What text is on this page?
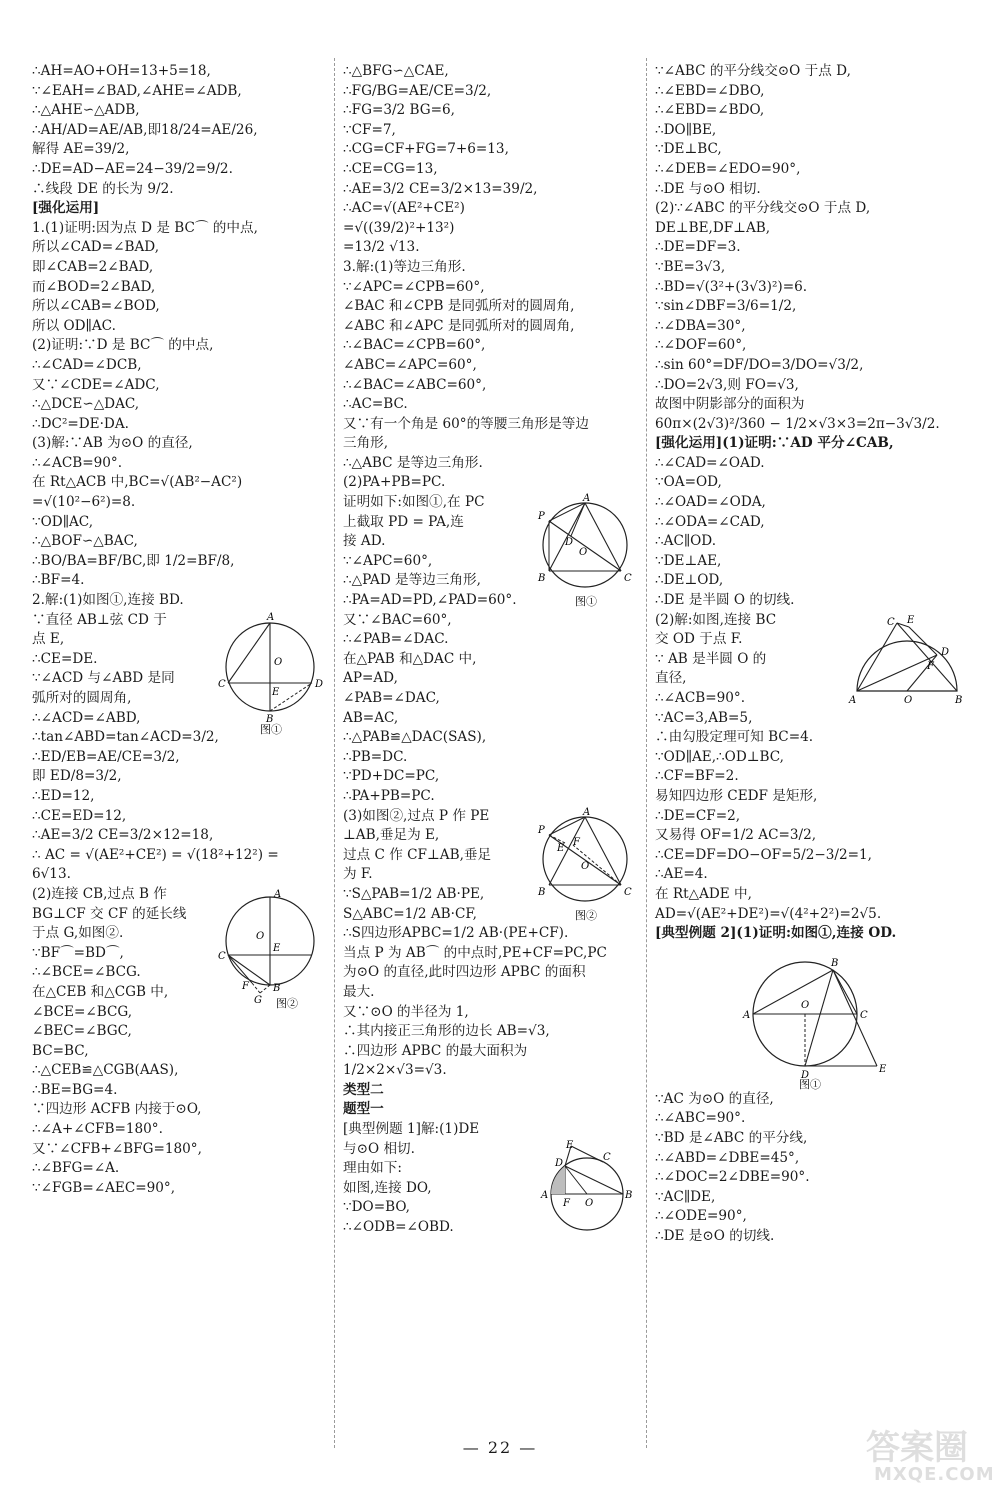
∴AH=AO+OH=13+5=18,
∵∠EAH=∠BAD,∠AHE=∠ADB,
∴△AHE∽△ADB,
∴AH/AD=AE/AB,即18/24=AE/26,
解得 AE=39/2,
∴DE=AD−AE=24−39/2=9/2.
∴线段 DE 的长为 9/2.
[强化运用]
1.(1)证明:因为点 D 是 BC⌒ 的中点,
所以∠CAD=∠BAD,
即∠CAB=2∠BAD,
而∠BOD=2∠BAD,
所以∠CAB=∠BOD,
所以 OD∥AC.
(2)证明:∵D 是 BC⌒ 的中点,
∴∠CAD=∠DCB,
又∵∠CDE=∠ADC,
∴△DCE∽△DAC,
∴DC²=DE·DA.
(3)解:∵AB 为⊙O 的直径,
∴∠ACB=90°.
在 Rt△ACB 中,BC=√(AB²−AC²)
=√(10²−6²)=8.
∵OD∥AC,
∴△BOF∽△BAC,
∴BO/BA=BF/BC,即 1/2=BF/8,
∴BF=4.
2.解:(1)如图①,连接 BD.
A
O
C
E
D
B
图①
∵直径 AB⊥弦 CD 于
点 E,
∴CE=DE.
∵∠ACD 与∠ABD 是同
弧所对的圆周角,
∴∠ACD=∠ABD,
∴tan∠ABD=tan∠ACD=3/2,
∴ED/EB=AE/CE=3/2,
即 ED/8=3/2,
∴ED=12,
∴CE=ED=12,
∴AE=3/2 CE=3/2×12=18,
∴ AC = √(AE²+CE²) = √(18²+12²) =
6√13.
A
O
C
E
F B
G 图②
(2)连接 CB,过点 B 作
BG⊥CF 交 CF 的延长线
于点 G,如图②.
∵BF⌒=BD⌒,
∴∠BCE=∠BCG.
在△CEB 和△CGB 中,
∠BCE=∠BCG,
∠BEC=∠BGC,
BC=BC,
∴△CEB≌△CGB(AAS),
∴BE=BG=4.
∵四边形 ACFB 内接于⊙O,
∴∠A+∠CFB=180°.
又∵∠CFB+∠BFG=180°,
∴∠BFG=∠A.
∵∠FGB=∠AEC=90°,
∴△BFG∽△CAE,
∴FG/BG=AE/CE=3/2,
∴FG=3/2 BG=6,
∵CF=7,
∴CG=CF+FG=7+6=13,
∴CE=CG=13,
∴AE=3/2 CE=3/2×13=39/2,
∴AC=√(AE²+CE²)
=√((39/2)²+13²)
=13/2 √13.
3.解:(1)等边三角形.
∵∠APC=∠CPB=60°,
∠BAC 和∠CPB 是同弧所对的圆周角,
∠ABC 和∠APC 是同弧所对的圆周角,
∴∠BAC=∠CPB=60°,
∠ABC=∠APC=60°,
∴∠BAC=∠ABC=60°,
∴AC=BC.
又∵有一个角是 60°的等腰三角形是等边
三角形,
∴△ABC 是等边三角形.
(2)PA+PB=PC.
P
A
D
O
B	C
图①
证明如下:如图①,在 PC
上截取 PD = PA,连
接 AD.
∵∠APC=60°,
∴△PAD 是等边三角形,
∴PA=AD=PD,∠PAD=60°.
又∵∠BAC=60°,
∴∠PAB=∠DAC.
在△PAB 和△DAC 中,
AP=AD,
∠PAB=∠DAC,
AB=AC,
∴△PAB≌△DAC(SAS),
∴PB=DC.
∵PD+DC=PC,
∴PA+PB=PC.
P
A
E
O
B	C
F
图②
(3)如图②,过点 P 作 PE
⊥AB,垂足为 E,
过点 C 作 CF⊥AB,垂足
为 F.
∵S△PAB=1/2 AB·PE,
S△ABC=1/2 AB·CF,
∴S四边形APBC=1/2 AB·(PE+CF).
当点 P 为 AB⌒ 的中点时,PE+CF=PC,PC
为⊙O 的直径,此时四边形 APBC 的面积
最大.
又∵⊙O 的半径为 1,
∴其内接正三角形的边长 AB=√3,
∴四边形 APBC 的最大面积为
1/2×2×√3=√3.
类型二
题型一
[典型例题 1]解:(1)DE
E
C
D
A
F O
B
与⊙O 相切.
理由如下:
如图,连接 DO,
∵DO=BO,
∴∠ODB=∠OBD.
∵∠ABC 的平分线交⊙O 于点 D,
∴∠EBD=∠DBO,
∴∠EBD=∠BDO,
∴DO∥BE,
∵DE⊥BC,
∴∠DEB=∠EDO=90°,
∴DE 与⊙O 相切.
(2)∵∠ABC 的平分线交⊙O 于点 D,
DE⊥BE,DF⊥AB,
∴DE=DF=3.
∵BE=3√3,
∴BD=√(3²+(3√3)²)=6.
∵sin∠DBF=3/6=1/2,
∴∠DBA=30°,
∴∠DOF=60°,
∴sin 60°=DF/DO=3/DO=√3/2,
∴DO=2√3,则 FO=√3,
故图中阴影部分的面积为
60π×(2√3)²/360 − 1/2×√3×3=2π−3√3/2.
[强化运用](1)证明:∵AD 平分∠CAB,
∴∠CAD=∠OAD.
∵OA=OD,
∴∠OAD=∠ODA,
∴∠ODA=∠CAD,
∴AC∥OD.
∵DE⊥AE,
∴DE⊥OD,
∴DE 是半圆 O 的切线.
E
C
D
F
A	O	B
(2)解:如图,连接 BC
交 OD 于点 F.
∵ AB 是半圆 O 的
直径,
∴∠ACB=90°.
∵AC=3,AB=5,
∴由勾股定理可知 BC=4.
∵OD∥AE,∴OD⊥BC,
∴CF=BF=2.
易知四边形 CEDF 是矩形,
∴DE=CF=2,
又易得 OF=1/2 AC=3/2,
∴CE=DF=DO−OF=5/2−3/2=1,
∴AE=4.
在 Rt△ADE 中,
AD=√(AE²+DE²)=√(4²+2²)=2√5.
[典型例题 2](1)证明:如图①,连接 OD.
B
A
O
C
D
E
图①
∵AC 为⊙O 的直径,
∴∠ABC=90°.
∵BD 是∠ABC 的平分线,
∴∠ABD=∠DBE=45°,
∴∠DOC=2∠DBE=90°.
∵AC∥DE,
∴∠ODE=90°,
∴DE 是⊙O 的切线.
— 22 —	答案圈
MXQE.COM
